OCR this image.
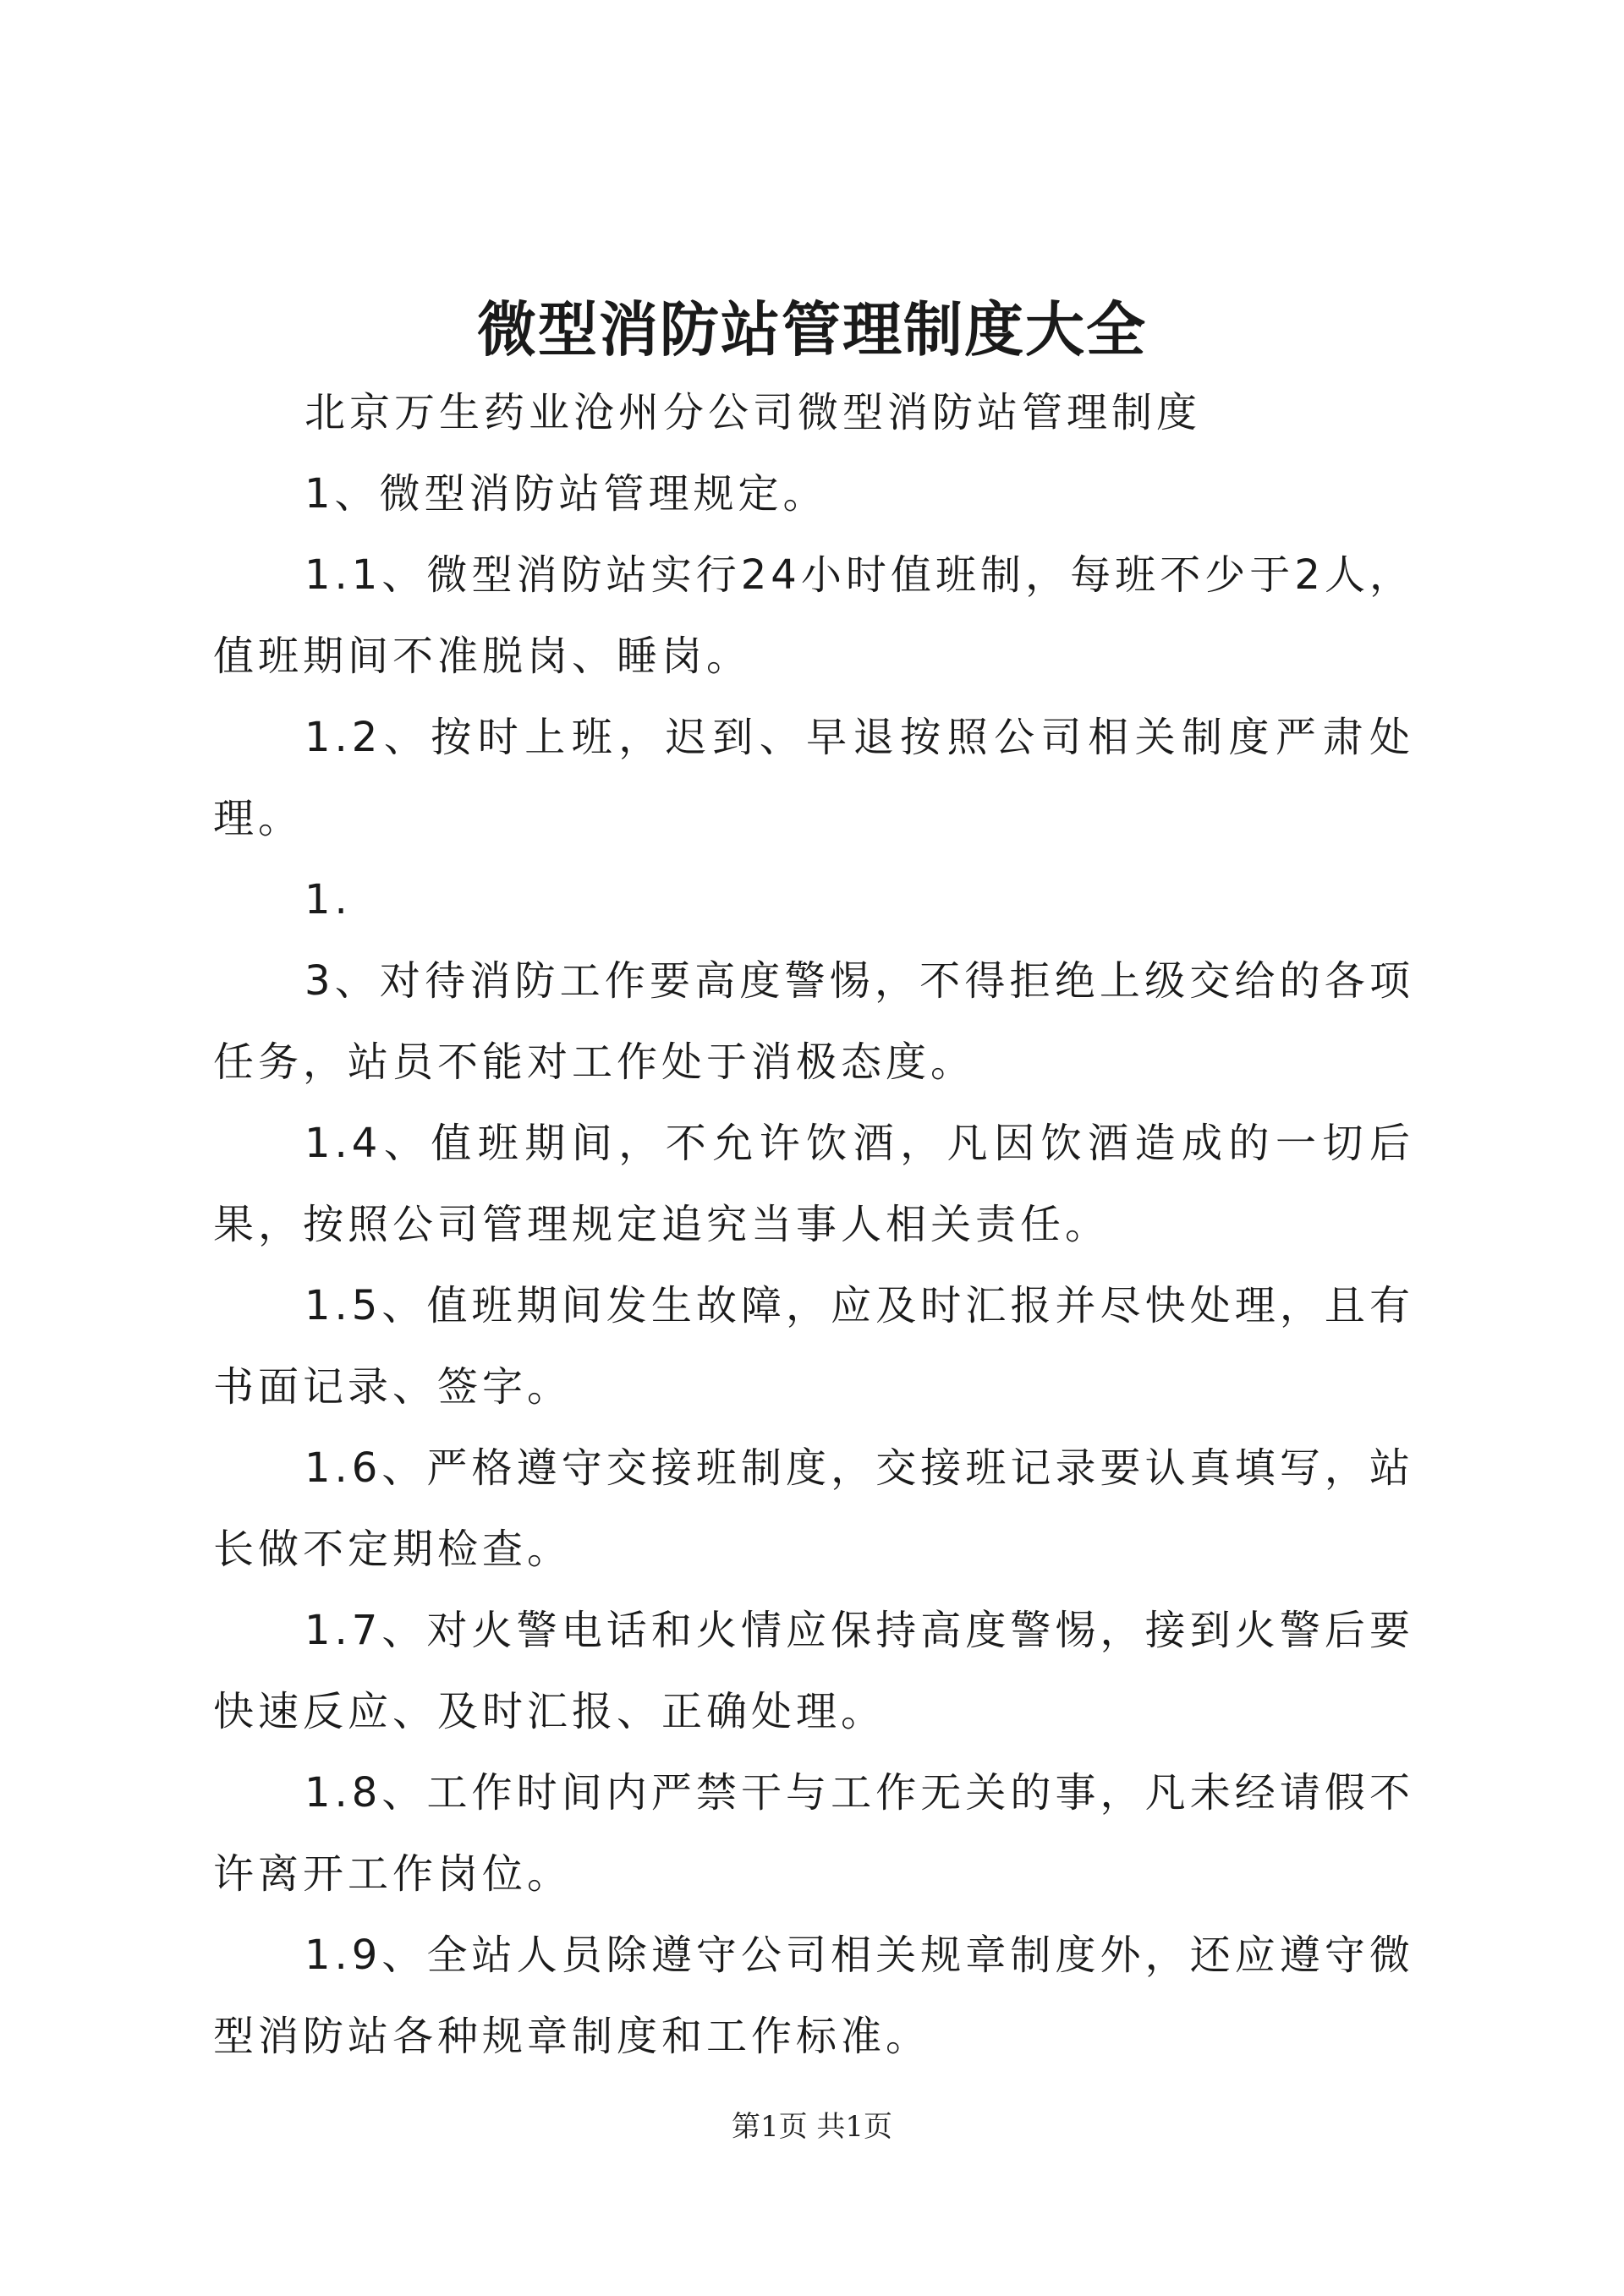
微型消防站管理制度大全

北京万生药业沧州分公司微型消防站管理制度

1、微型消防站管理规定。

1.1、微型消防站实行24小时值班制，每班不少于2人，值班期间不准脱岗、睡岗。

1.2、按时上班，迟到、早退按照公司相关制度严肃处理。

1.

3、对待消防工作要高度警惕，不得拒绝上级交给的各项任务，站员不能对工作处于消极态度。

1.4、值班期间，不允许饮酒，凡因饮酒造成的一切后果，按照公司管理规定追究当事人相关责任。

1.5、值班期间发生故障，应及时汇报并尽快处理，且有书面记录、签字。

1.6、严格遵守交接班制度，交接班记录要认真填写，站长做不定期检查。

1.7、对火警电话和火情应保持高度警惕，接到火警后要快速反应、及时汇报、正确处理。

1.8、工作时间内严禁干与工作无关的事，凡未经请假不许离开工作岗位。

1.9、全站人员除遵守公司相关规章制度外，还应遵守微型消防站各种规章制度和工作标准。

第1页 共1页
